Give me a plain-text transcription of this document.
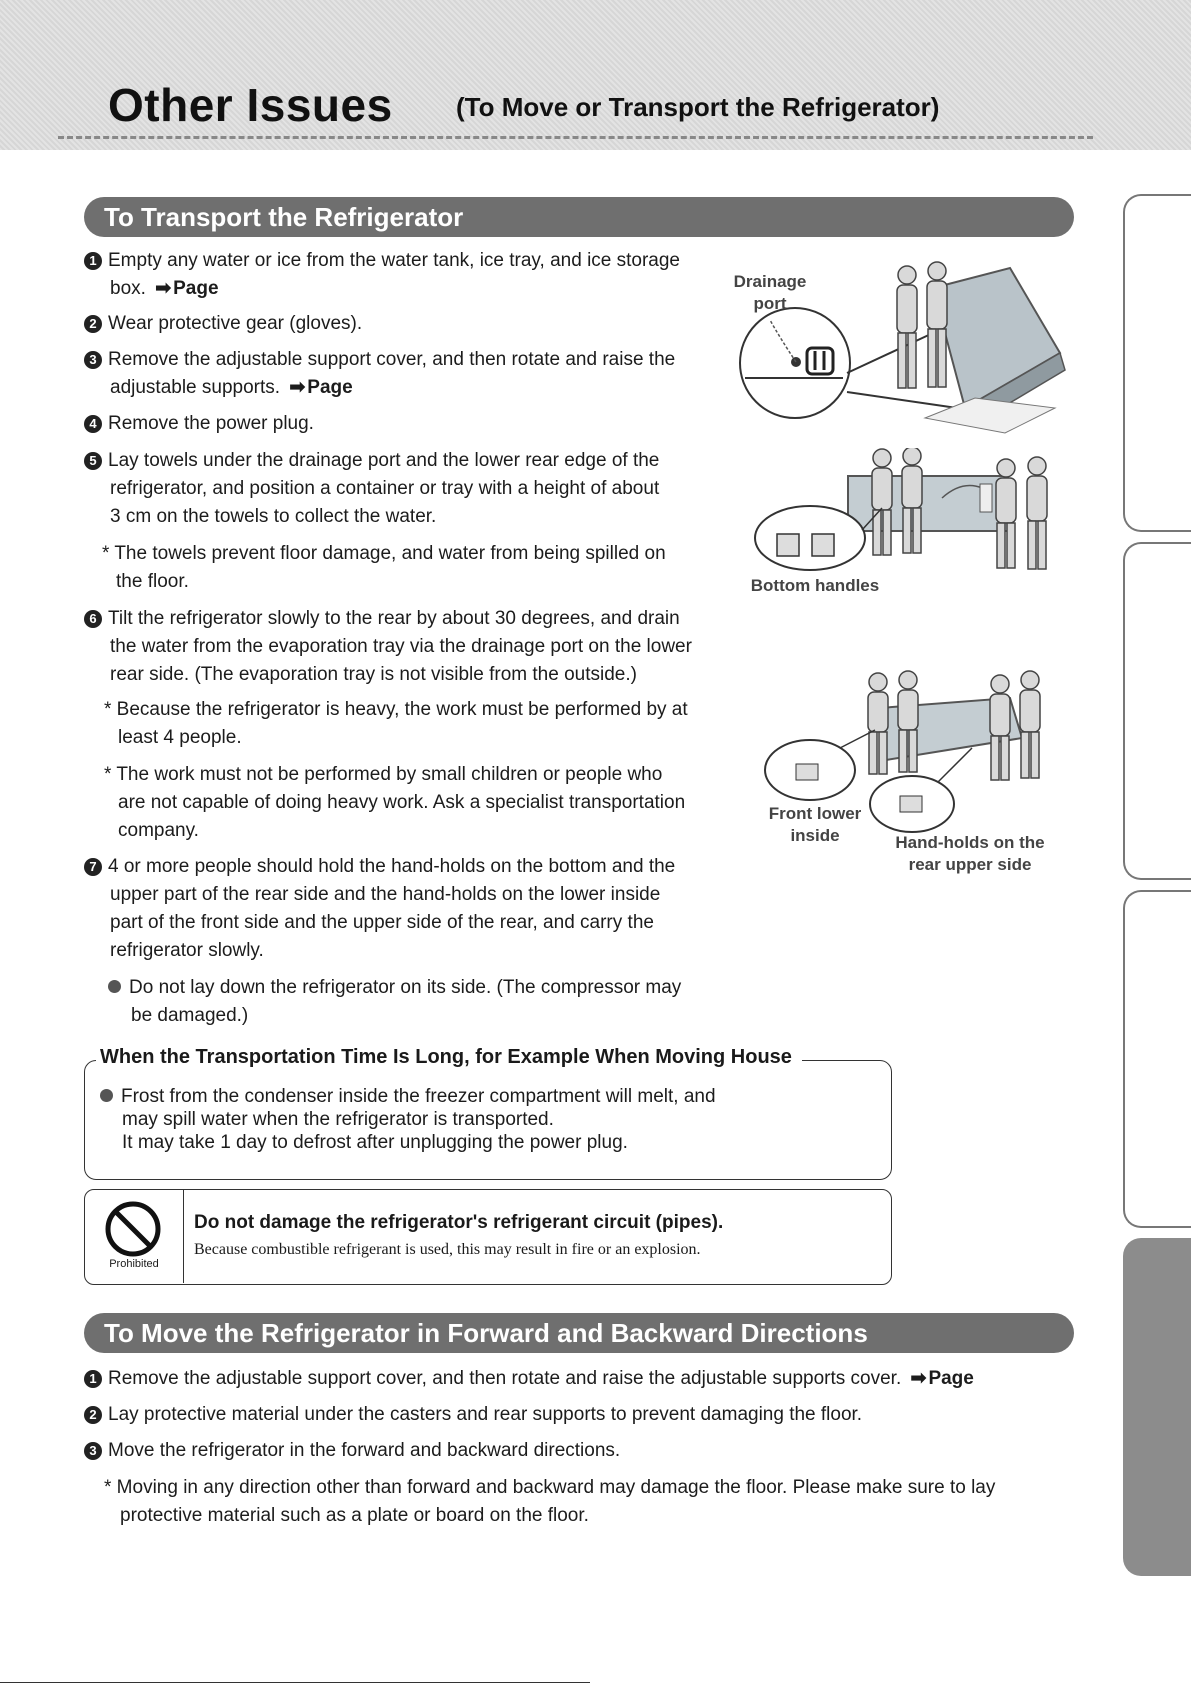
Other Issues (To Move or Transport the Refrigerator)
To Transport the Refrigerator
1 Empty any water or ice from the water tank, ice tray, and ice storage
box. ➡ Page
2 Wear protective gear (gloves).
3 Remove the adjustable support cover, and then rotate and raise the
adjustable supports. ➡ Page
4 Remove the power plug.
5 Lay towels under the drainage port and the lower rear edge of the
refrigerator, and position a container or tray with a height of about
3 cm on the towels to collect the water.
* The towels prevent floor damage, and water from being spilled on
the floor.
6 Tilt the refrigerator slowly to the rear by about 30 degrees, and drain
the water from the evaporation tray via the drainage port on the lower
rear side. (The evaporation tray is not visible from the outside.)
* Because the refrigerator is heavy, the work must be performed by at
least 4 people.
* The work must not be performed by small children or people who
are not capable of doing heavy work. Ask a specialist transportation
company.
7 4 or more people should hold the hand-holds on the bottom and the
upper part of the rear side and the hand-holds on the lower inside
part of the front side and the upper side of the rear, and carry the
refrigerator slowly.
Do not lay down the refrigerator on its side. (The compressor may
be damaged.)
Drainage
port
Bottom handles
Front lower
inside	Hand-holds on the
rear upper side
When the Transportation Time Is Long, for Example When Moving House
Frost from the condenser inside the freezer compartment will melt, and
may spill water when the refrigerator is transported.
It may take 1 day to defrost after unplugging the power plug.
Prohibited
Do not damage the refrigerator's refrigerant circuit (pipes).
Because combustible refrigerant is used, this may result in fire or an explosion.
To Move the Refrigerator in Forward and Backward Directions
1 Remove the adjustable support cover, and then rotate and raise the adjustable supports cover. ➡ Page
2 Lay protective material under the casters and rear supports to prevent damaging the floor.
3 Move the refrigerator in the forward and backward directions.
* Moving in any direction other than forward and backward may damage the floor. Please make sure to lay
protective material such as a plate or board on the floor.
